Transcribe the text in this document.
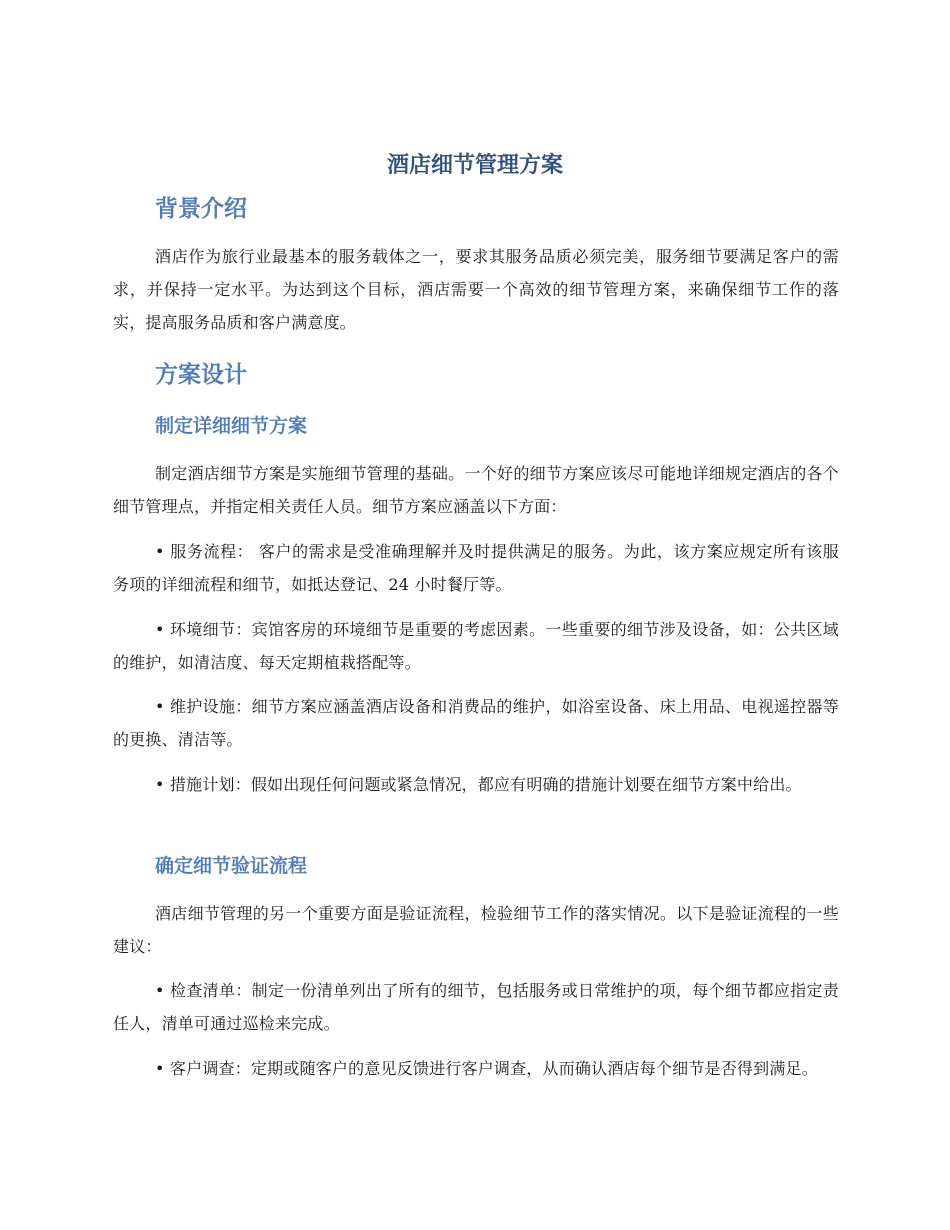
酒店细节管理方案
背景介绍

酒店作为旅行业最基本的服务载体之一，要求其服务品质必须完美，服务细节要满足客户的需求，并保持一定水平。为达到这个目标，酒店需要一个高效的细节管理方案，来确保细节工作的落实，提高服务品质和客户满意度。

方案设计
制定详细细节方案

制定酒店细节方案是实施细节管理的基础。一个好的细节方案应该尽可能地详细规定酒店的各个细节管理点，并指定相关责任人员。细节方案应涵盖以下方面：

• 服务流程： 客户的需求是受准确理解并及时提供满足的服务。为此，该方案应规定所有该服务项的详细流程和细节，如抵达登记、24 小时餐厅等。

• 环境细节：宾馆客房的环境细节是重要的考虑因素。一些重要的细节涉及设备，如：公共区域的维护，如清洁度、每天定期植栽搭配等。

• 维护设施：细节方案应涵盖酒店设备和消费品的维护，如浴室设备、床上用品、电视遥控器等的更换、清洁等。

• 措施计划：假如出现任何问题或紧急情况，都应有明确的措施计划要在细节方案中给出。

确定细节验证流程

酒店细节管理的另一个重要方面是验证流程，检验细节工作的落实情况。以下是验证流程的一些建议：

• 检查清单：制定一份清单列出了所有的细节，包括服务或日常维护的项，每个细节都应指定责任人，清单可通过巡检来完成。

• 客户调查：定期或随客户的意见反馈进行客户调查，从而确认酒店每个细节是否得到满足。
